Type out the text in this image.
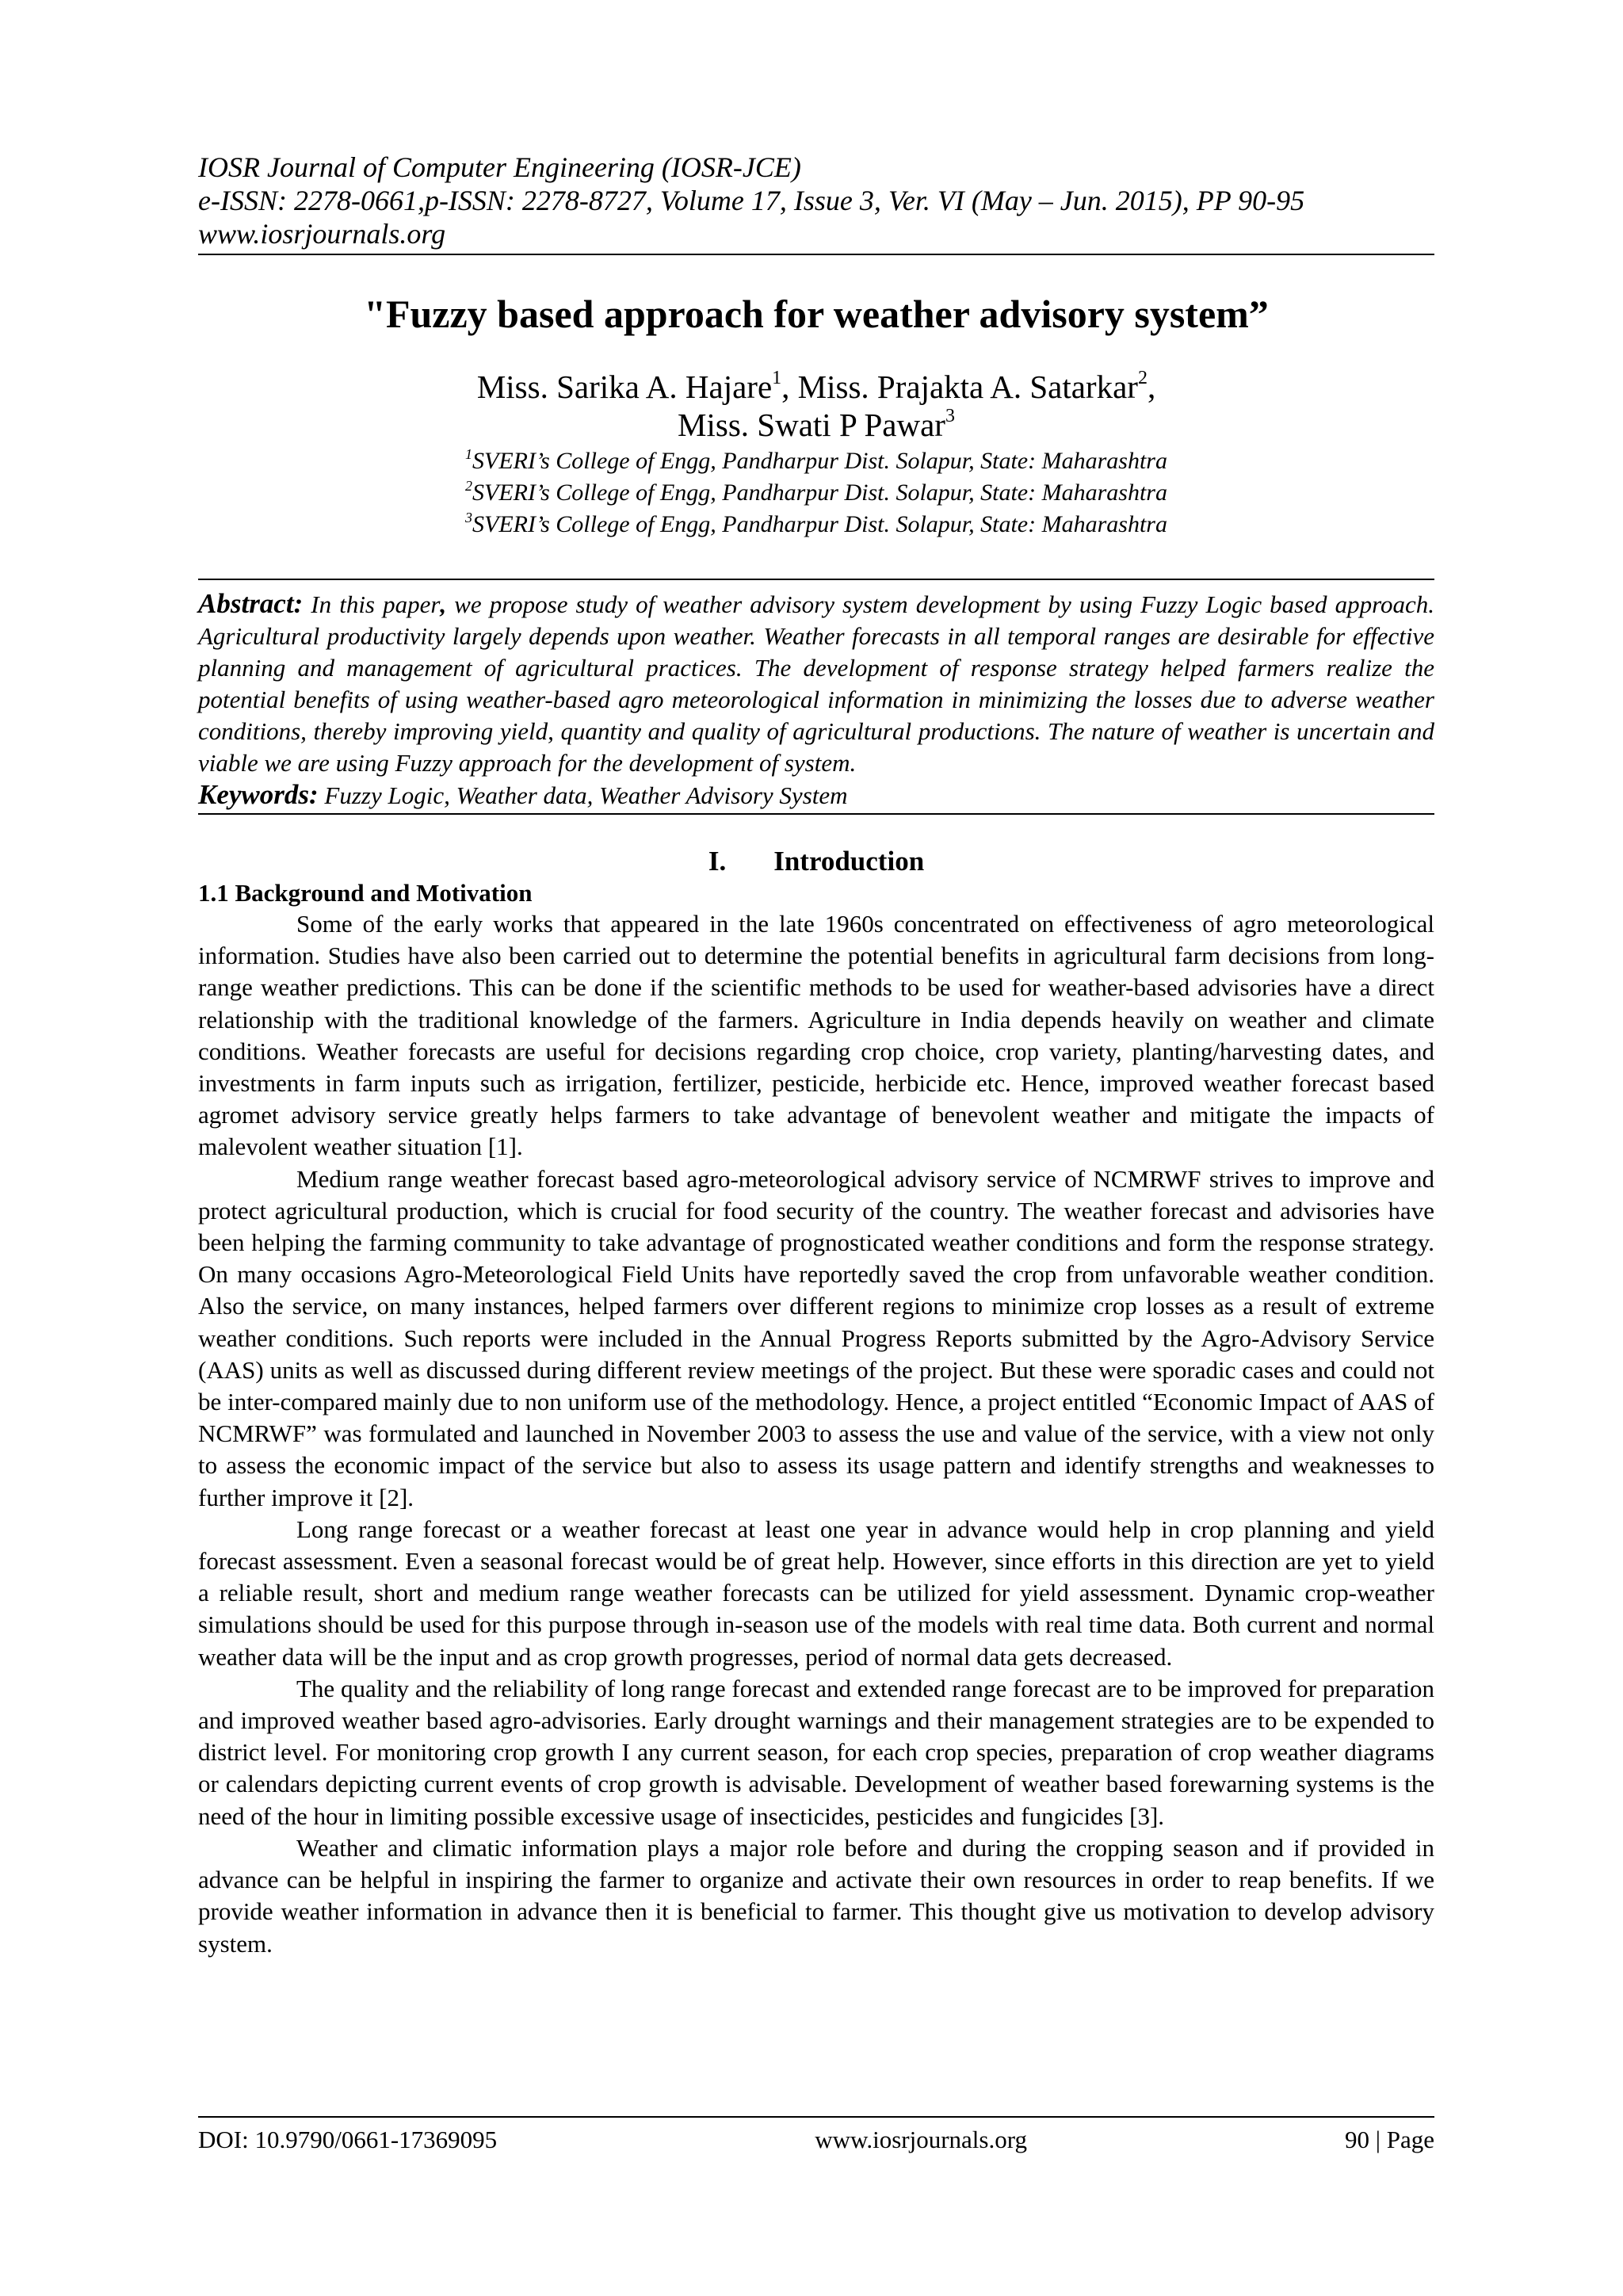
IOSR Journal of Computer Engineering (IOSR-JCE)
e-ISSN: 2278-0661,p-ISSN: 2278-8727, Volume 17, Issue 3, Ver. VI (May – Jun. 2015), PP 90-95
www.iosrjournals.org
"Fuzzy based approach for weather advisory system”
Miss. Sarika A. Hajare$^1$, Miss. Prajakta A. Satarkar$^2$,
Miss. Swati P Pawar$^3$
$^1$SVERI’s College of Engg, Pandharpur Dist. Solapur, State: Maharashtra
$^2$SVERI’s College of Engg, Pandharpur Dist. Solapur, State: Maharashtra
$^3$SVERI’s College of Engg, Pandharpur Dist. Solapur, State: Maharashtra
Abstract: In this paper, we propose study of weather advisory system development by using Fuzzy Logic based approach. Agricultural productivity largely depends upon weather. Weather forecasts in all temporal ranges are desirable for effective planning and management of agricultural practices. The development of response strategy helped farmers realize the potential benefits of using weather-based agro meteorological information in minimizing the losses due to adverse weather conditions, thereby improving yield, quantity and quality of agricultural productions. The nature of weather is uncertain and viable we are using Fuzzy approach for the development of system.
Keywords: Fuzzy Logic, Weather data, Weather Advisory System
I. Introduction
1.1 Background and Motivation

Some of the early works that appeared in the late 1960s concentrated on effectiveness of agro meteorological information. Studies have also been carried out to determine the potential benefits in agricultural farm decisions from long-range weather predictions. This can be done if the scientific methods to be used for weather-based advisories have a direct relationship with the traditional knowledge of the farmers. Agriculture in India depends heavily on weather and climate conditions. Weather forecasts are useful for decisions regarding crop choice, crop variety, planting/harvesting dates, and investments in farm inputs such as irrigation, fertilizer, pesticide, herbicide etc. Hence, improved weather forecast based agromet advisory service greatly helps farmers to take advantage of benevolent weather and mitigate the impacts of malevolent weather situation [1].

Medium range weather forecast based agro-meteorological advisory service of NCMRWF strives to improve and protect agricultural production, which is crucial for food security of the country. The weather forecast and advisories have been helping the farming community to take advantage of prognosticated weather conditions and form the response strategy. On many occasions Agro-Meteorological Field Units have reportedly saved the crop from unfavorable weather condition. Also the service, on many instances, helped farmers over different regions to minimize crop losses as a result of extreme weather conditions. Such reports were included in the Annual Progress Reports submitted by the Agro-Advisory Service (AAS) units as well as discussed during different review meetings of the project. But these were sporadic cases and could not be inter-compared mainly due to non uniform use of the methodology. Hence, a project entitled “Economic Impact of AAS of NCMRWF” was formulated and launched in November 2003 to assess the use and value of the service, with a view not only to assess the economic impact of the service but also to assess its usage pattern and identify strengths and weaknesses to further improve it [2].

Long range forecast or a weather forecast at least one year in advance would help in crop planning and yield forecast assessment. Even a seasonal forecast would be of great help. However, since efforts in this direction are yet to yield a reliable result, short and medium range weather forecasts can be utilized for yield assessment. Dynamic crop-weather simulations should be used for this purpose through in-season use of the models with real time data. Both current and normal weather data will be the input and as crop growth progresses, period of normal data gets decreased.

The quality and the reliability of long range forecast and extended range forecast are to be improved for preparation and improved weather based agro-advisories. Early drought warnings and their management strategies are to be expended to district level. For monitoring crop growth I any current season, for each crop species, preparation of crop weather diagrams or calendars depicting current events of crop growth is advisable. Development of weather based forewarning systems is the need of the hour in limiting possible excessive usage of insecticides, pesticides and fungicides [3].

Weather and climatic information plays a major role before and during the cropping season and if provided in advance can be helpful in inspiring the farmer to organize and activate their own resources in order to reap benefits. If we provide weather information in advance then it is beneficial to farmer. This thought give us motivation to develop advisory system.

DOI: 10.9790/0661-17369095	www.iosrjournals.org	90 | Page
